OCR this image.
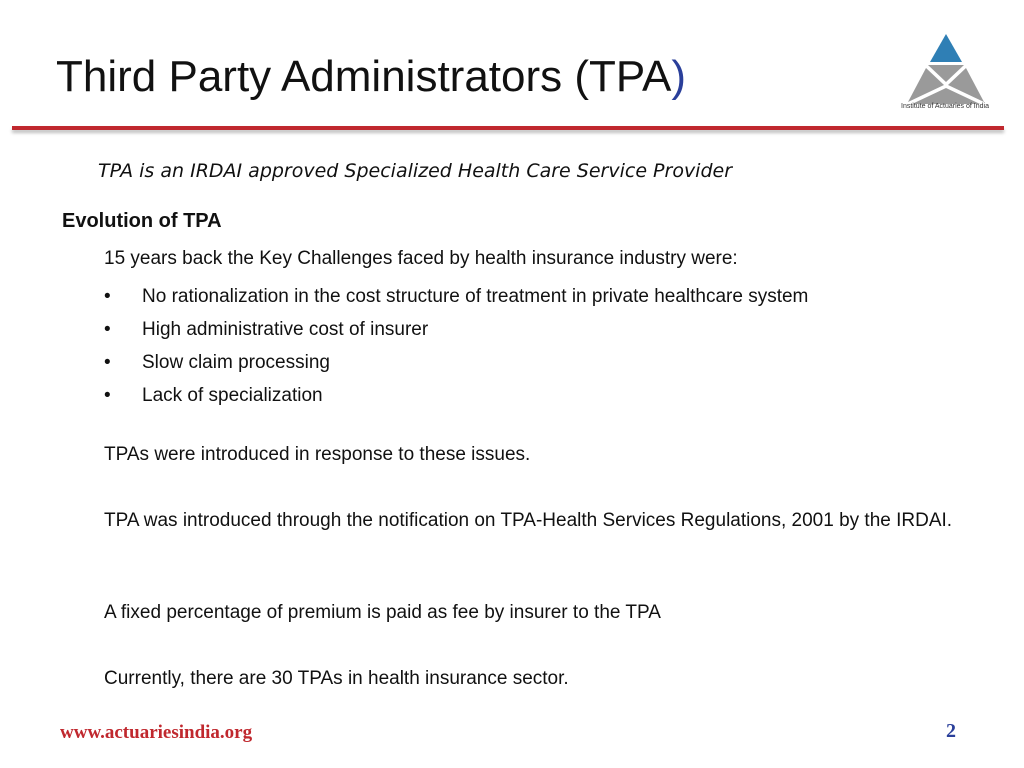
Third Party Administrators (TPA)
Institute of Actuaries of India
TPA is an IRDAI approved Specialized Health Care Service Provider
Evolution of TPA
15 years back the Key Challenges faced by health insurance industry were:
• No rationalization in the cost structure of treatment in private healthcare system
• High administrative cost of insurer
• Slow claim processing
• Lack of specialization
TPAs were introduced in response to these issues.
TPA was introduced through the notification on TPA-Health Services Regulations, 2001 by the IRDAI.
A fixed percentage of premium is paid as fee by insurer to the TPA
Currently, there are 30 TPAs in health insurance sector.
www.actuariesindia.org	2
